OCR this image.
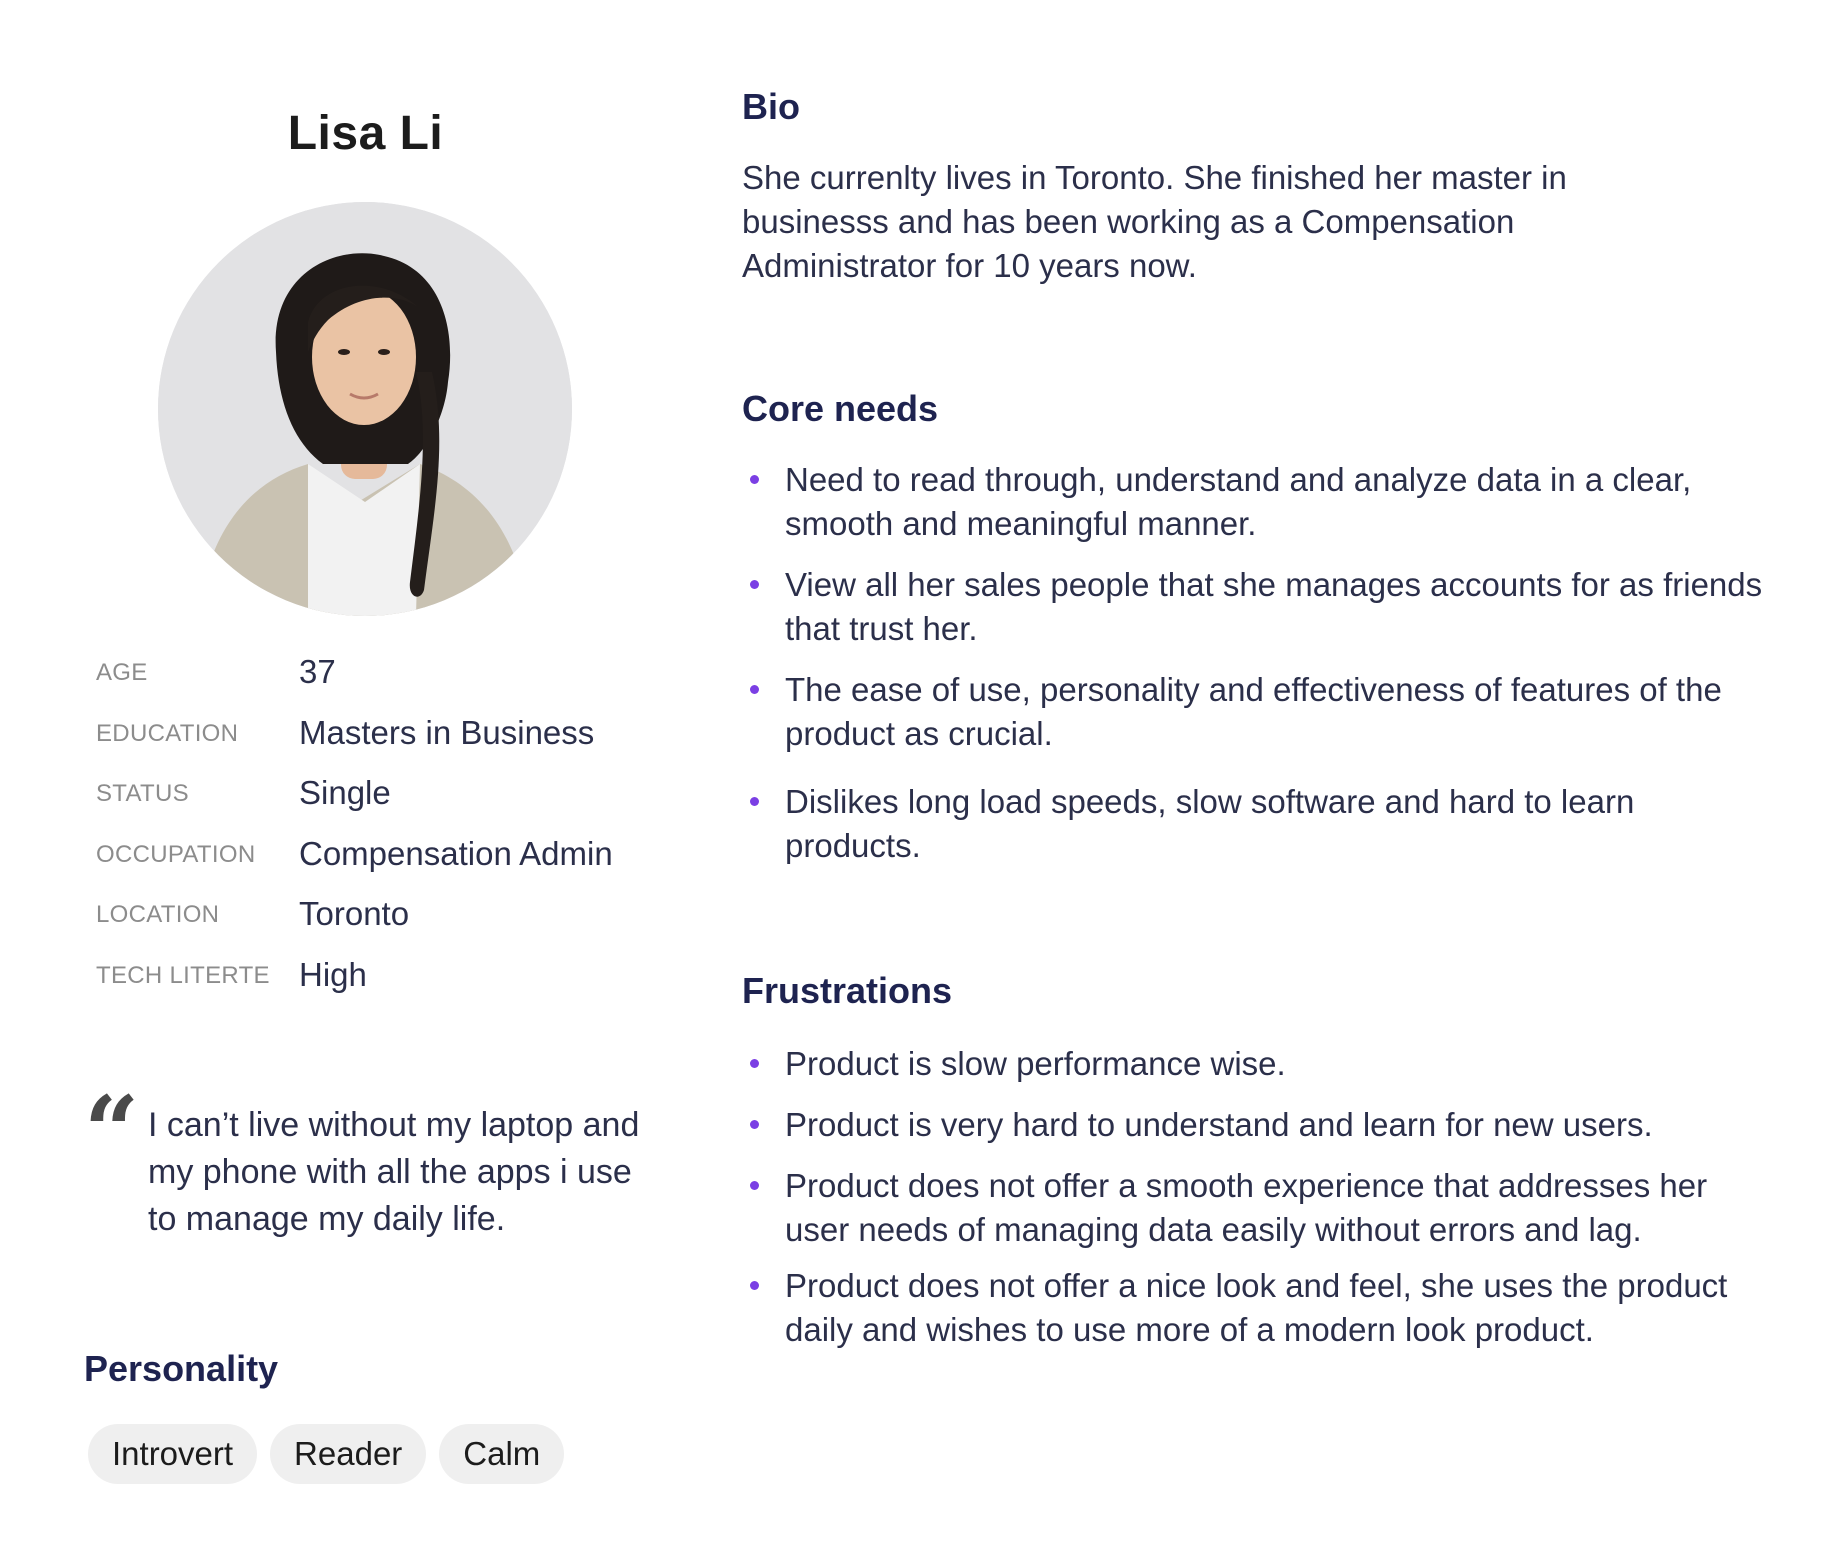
Lisa Li
AGE	37
EDUCATION Masters in Business
STATUS	Single
OCCUPATION Compensation Admin
LOCATION Toronto
TECH LITERTE High
“ I can’t live without my laptop and my phone with all the apps i use to manage my daily life.
Personality
Introvert	Reader	Calm
Bio
She currenlty lives in Toronto. She finished her master in businesss and has been working as a Compensation Administrator for 10 years now.
Core needs
Need to read through, understand and analyze data in a clear, smooth and meaningful manner.
View all her sales people that she manages accounts for as friends that trust her.
The ease of use, personality and effectiveness of features of the product as crucial.
Dislikes long load speeds, slow software and hard to learn products.
Frustrations
Product is slow performance wise.
Product is very hard to understand and learn for new users.
Product does not offer a smooth experience that addresses her user needs of managing data easily without errors and lag.
Product does not offer a nice look and feel, she uses the product daily and wishes to use more of a modern look product.
